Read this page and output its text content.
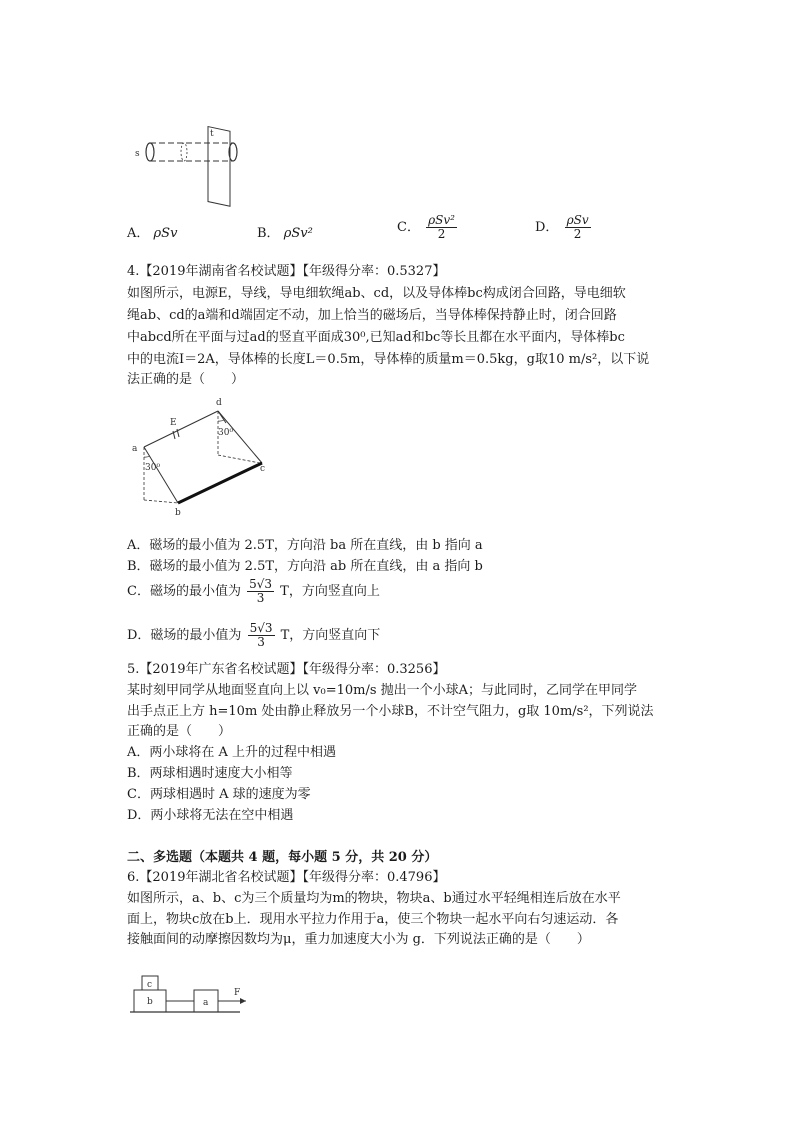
s
t
A． ρSv	B． ρSv²	C． $\frac{\text{ρSv²}}{2}$	D． $\frac{\text{ρSv}}{2}$
4.【2019年湖南省名校试题】【年级得分率：0.5327】
如图所示，电源E，导线，导电细软绳ab、cd，以及导体棒bc构成闭合回路，导电细软
绳ab、cd的a端和d端固定不动，加上恰当的磁场后，当导体棒保持静止时，闭合回路
中abcd所在平面与过ad的竖直平面成30⁰,已知ad和bc等长且都在水平面内，导体棒bc
中的电流I＝2A，导体棒的长度L＝0.5m，导体棒的质量m＝0.5kg，g取10 m/s²，以下说
法正确的是（　　）
a
b
c
d
E
30⁰
30⁰
A．磁场的最小值为 2.5T，方向沿 ba 所在直线，由 b 指向 a
B．磁场的最小值为 2.5T，方向沿 ab 所在直线，由 a 指向 b
C．磁场的最小值为 $\frac{5√3}{3}$ T，方向竖直向上
D．磁场的最小值为 $\frac{5√3}{3}$ T，方向竖直向下
5.【2019年广东省名校试题】【年级得分率：0.3256】
某时刻甲同学从地面竖直向上以 v₀=10m/s 抛出一个小球A；与此同时，乙同学在甲同学
出手点正上方 h=10m 处由静止释放另一个小球B，不计空气阻力，g取 10m/s²，下列说法
正确的是（　　）
A．两小球将在 A 上升的过程中相遇
B．两球相遇时速度大小相等
C．两球相遇时 A 球的速度为零
D．两小球将无法在空中相遇
二、多选题（本题共 4 题，每小题 5 分，共 20 分）
6.【2019年湖北省名校试题】【年级得分率：0.4796】
如图所示，a、b、c为三个质量均为m的物块，物块a、b通过水平轻绳相连后放在水平
面上，物块c放在b上．现用水平拉力作用于a，使三个物块一起水平向右匀速运动．各
接触面间的动摩擦因数均为μ，重力加速度大小为 g．下列说法正确的是（　　）
b
c
a
F
